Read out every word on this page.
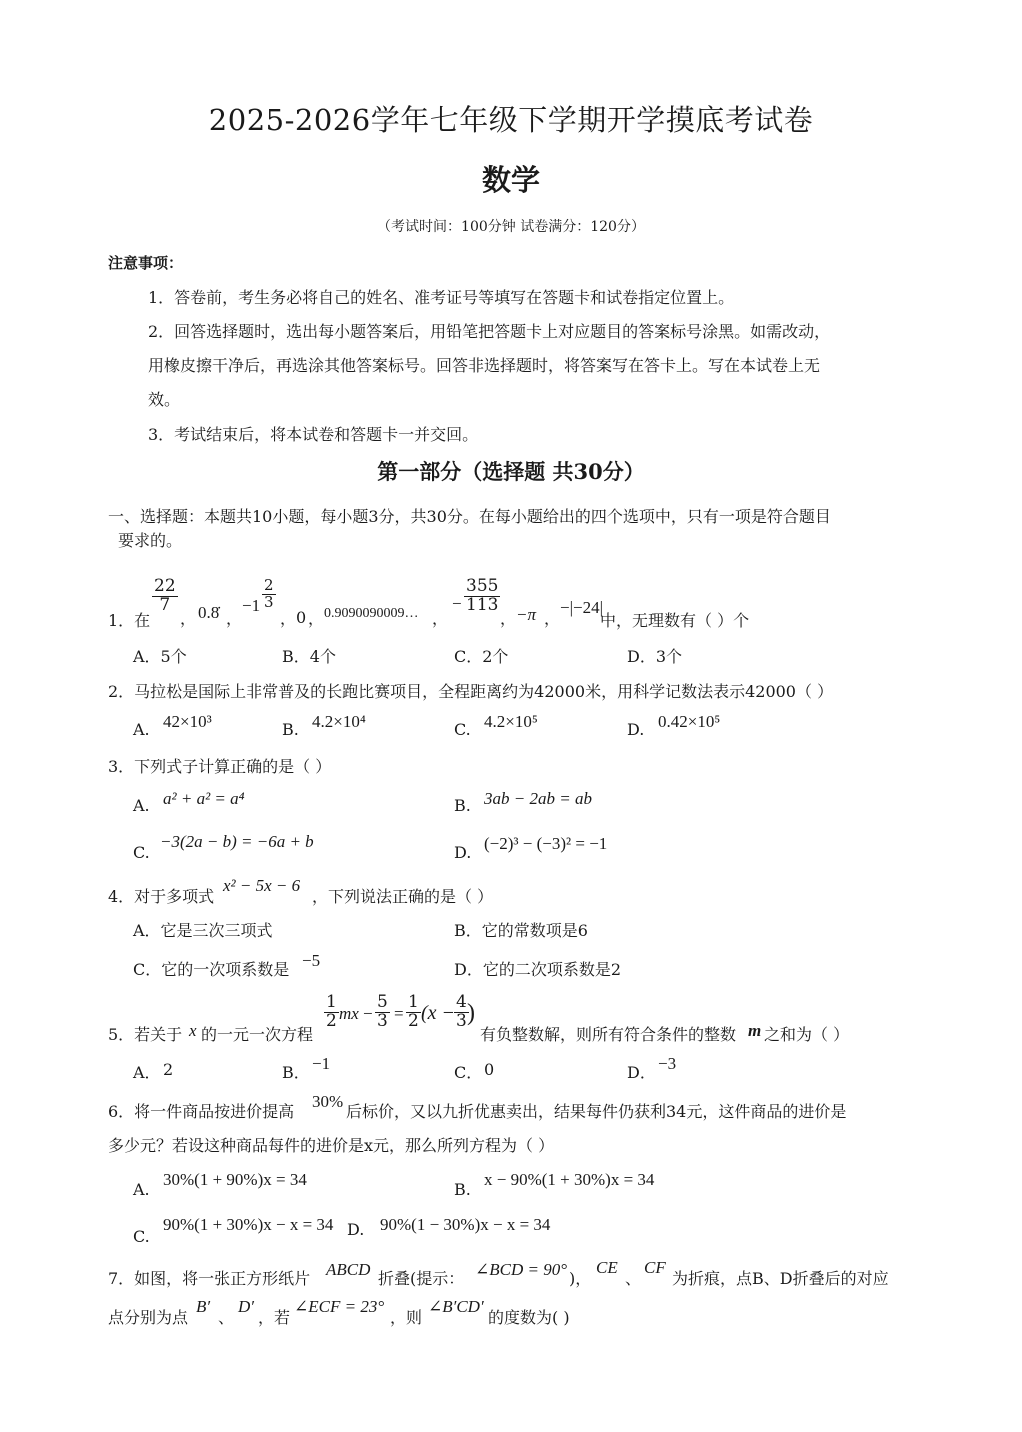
2025-2026学年七年级下学期开学摸底考试卷
数学
（考试时间：100分钟 试卷满分：120分）
注意事项：
1．答卷前，考生务必将自己的姓名、准考证号等填写在答题卡和试卷指定位置上。
2．回答选择题时，选出每小题答案后，用铅笔把答题卡上对应题目的答案标号涂黑。如需改动，
用橡皮擦干净后，再选涂其他答案标号。回答非选择题时，将答案写在答卡上。写在本试卷上无
效。
3．考试结束后，将本试卷和答题卡一并交回。
第一部分（选择题 共30分）
一、选择题：本题共10小题，每小题3分，共30分。在每小题给出的四个选项中，只有一项是符合题目
要求的。
1．在
$\frac{22}{7}$
， 0.8̇ ，
$-1 \frac{2}{3}$
， 0 ， 0.9090090009… ，
− $\frac{355}{113}$
， −π ，
−|−24|
中，无理数有（ ）个
A．5个	B．4个	C．2个	D．3个
2．马拉松是国际上非常普及的长跑比赛项目，全程距离约为42000米，用科学记数法表示42000（ ）
A. 42×10³	B. 4.2×10⁴	C. 4.2×10⁵	D. 0.42×10⁵
3．下列式子计算正确的是（ ）
A. a² + a² = a⁴	B. 3ab − 2ab = ab
C.
−3(2a − b) = −6a + b
D. (−2)³ − (−3)² = −1
4．对于多项式
x² − 5x − 6
，下列说法正确的是（ ）
A．它是三次三项式	B．它的常数项是6
C．它的一次项系数是 −5	D．它的二次项系数是2
5．若关于 x 的一元一次方程
$\frac{1}{2}$ mx − $\frac{5}{3} = \frac{1}{2} (x$ −
$\frac{4}{3}$
)
有负整数解，则所有符合条件的整数 m 之和为（ ）
A． 2	B． −1	C． 0	D． −3
6．将一件商品按进价提高
30%
后标价，又以九折优惠卖出，结果每件仍获利34元，这件商品的进价是
多少元？若设这种商品每件的进价是x元，那么所列方程为（ ）
A.
30%(1 + 90%)x = 34
B.
x − 90%(1 + 30%)x = 34
C.
90%(1 + 30%)x − x = 34 D. 90%(1 − 30%)x − x = 34
7．如图，将一张正方形纸片 ABCD 折叠(提示： ∠BCD = 90° )，
CE
、
CF
为折痕，点B、D折叠后的对应
点分别为点
B′
、
D′
，若
∠ECF = 23°
，则
∠B′CD′
的度数为( )
